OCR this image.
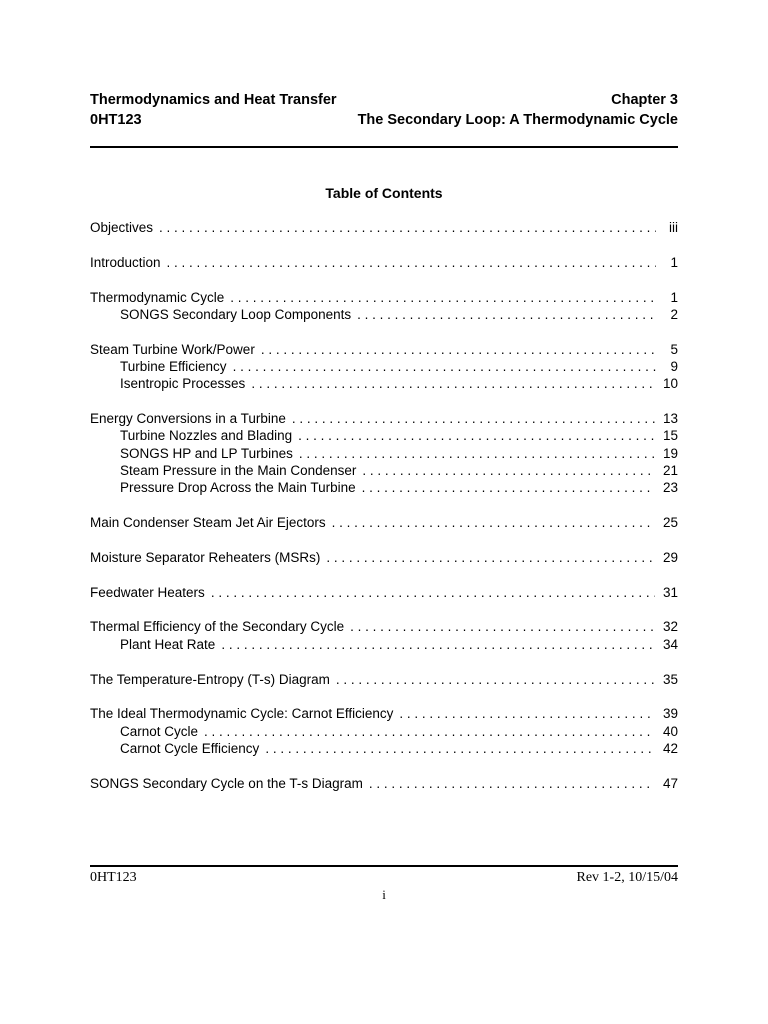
Thermodynamics and Heat Transfer	Chapter 3
0HT123	The Secondary Loop: A Thermodynamic Cycle
Table of Contents
Objectives . . .	iii
Introduction . . .	1
Thermodynamic Cycle . . .	1
SONGS Secondary Loop Components . . .	2
Steam Turbine Work/Power . . .	5
Turbine Efficiency . . .	9
Isentropic Processes . . .	10
Energy Conversions in a Turbine . . .	13
Turbine Nozzles and Blading . . .	15
SONGS HP and LP Turbines . . .	19
Steam Pressure in the Main Condenser . . .	21
Pressure Drop Across the Main Turbine . . .	23
Main Condenser Steam Jet Air Ejectors . . .	25
Moisture Separator Reheaters (MSRs) . . .	29
Feedwater Heaters . . .	31
Thermal Efficiency of the Secondary Cycle . . .	32
Plant Heat Rate . . .	34
The Temperature-Entropy (T-s) Diagram . . .	35
The Ideal Thermodynamic Cycle: Carnot Efficiency . . .	39
Carnot Cycle . . .	40
Carnot Cycle Efficiency . . .	42
SONGS Secondary Cycle on the T-s Diagram . . .	47
0HT123	Rev 1-2, 10/15/04
i
